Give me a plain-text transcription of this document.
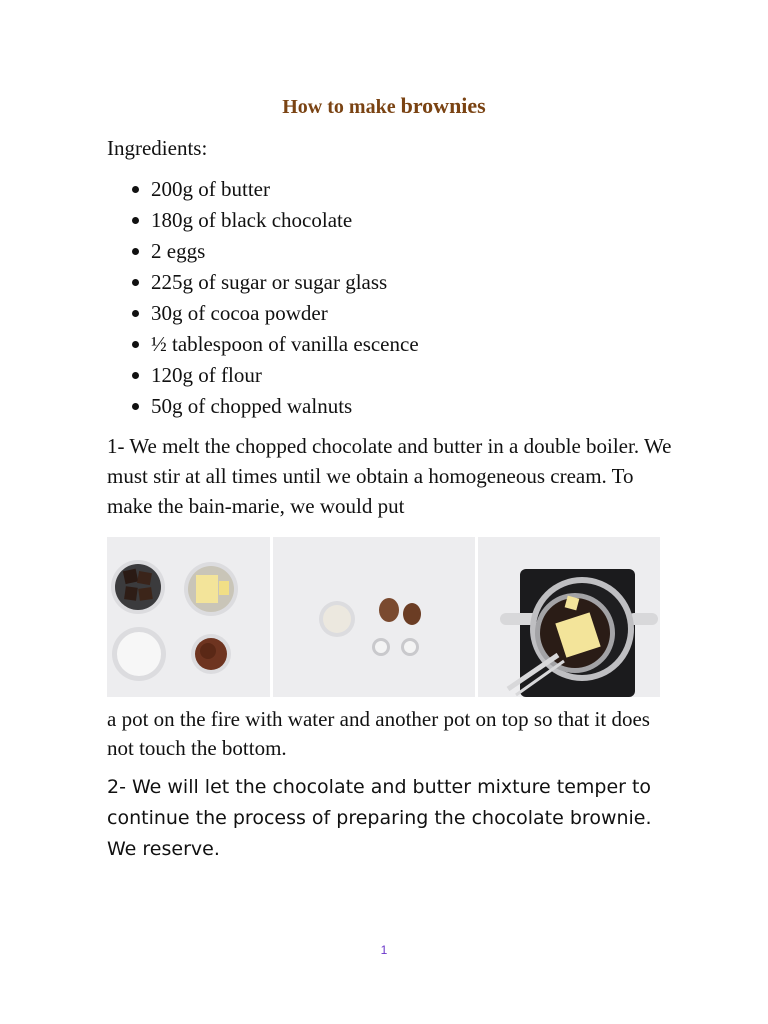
How to make brownies
Ingredients:
200g of butter
180g of black chocolate
2 eggs
225g of sugar or sugar glass
30g of cocoa powder
½ tablespoon of vanilla escence
120g of flour
50g of chopped walnuts
1- We melt the chopped chocolate and butter in a double boiler. We must stir at all times until we obtain a homogeneous cream. To make the bain-marie, we would put
a pot on the fire with water and another pot on top so that it does not touch the bottom.
2- We will let the chocolate and butter mixture temper to continue the process of preparing the chocolate brownie. We reserve.
1
